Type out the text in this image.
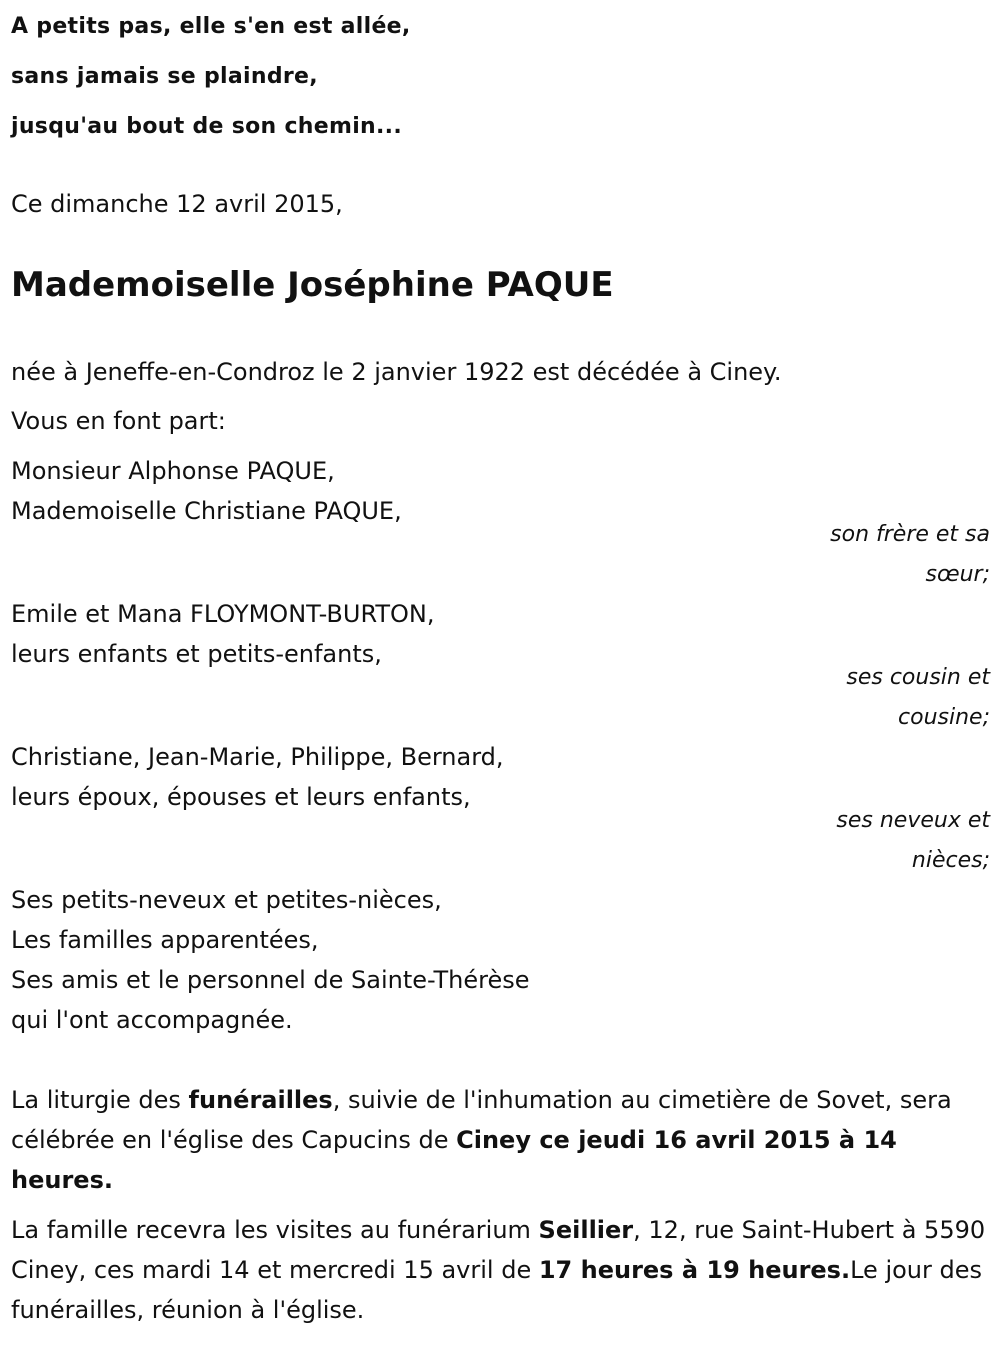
A petits pas, elle s'en est allée,
sans jamais se plaindre,
jusqu'au bout de son chemin...
Ce dimanche 12 avril 2015,
Mademoiselle Joséphine PAQUE
née à Jeneffe-en-Condroz le 2 janvier 1922 est décédée à Ciney.
Vous en font part:
Monsieur Alphonse PAQUE,
Mademoiselle Christiane PAQUE,
son frère et sa
sœur;
Emile et Mana FLOYMONT-BURTON,
leurs enfants et petits-enfants,
ses cousin et
cousine;
Christiane, Jean-Marie, Philippe, Bernard,
leurs époux, épouses et leurs enfants,
ses neveux et
nièces;
Ses petits-neveux et petites-nièces,
Les familles apparentées,
Ses amis et le personnel de Sainte-Thérèse
qui l'ont accompagnée.
La liturgie des funérailles, suivie de l'inhumation au cimetière de Sovet, sera célébrée en l'église des Capucins de Ciney ce jeudi 16 avril 2015 à 14 heures.
La famille recevra les visites au funérarium Seillier, 12, rue Saint-Hubert à 5590 Ciney, ces mardi 14 et mercredi 15 avril de 17 heures à 19 heures.Le jour des funérailles, réunion à l'église.
